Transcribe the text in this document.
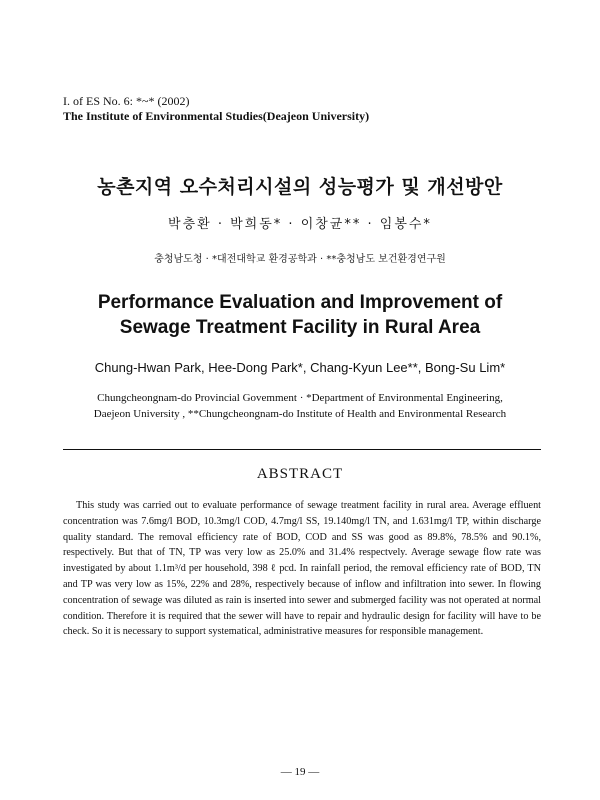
I. of ES No. 6: *~* (2002)
The Institute of Environmental Studies(Deajeon University)
농촌지역 오수처리시설의 성능평가 및 개선방안
박충환 · 박희동* · 이창균** · 임봉수*
충청남도청 · *대전대학교 환경공학과 · **충청남도 보건환경연구원
Performance Evaluation and Improvement of
Sewage Treatment Facility in Rural Area
Chung-Hwan Park, Hee-Dong Park*, Chang-Kyun Lee**, Bong-Su Lim*
Chungcheongnam-do Provincial Govemment · *Department of Environmental Engineering,
Daejeon University , **Chungcheongnam-do Institute of Health and Environmental Research
ABSTRACT
This study was carried out to evaluate performance of sewage treatment facility in rural area. Average effluent concentration was 7.6mg/l BOD, 10.3mg/l COD, 4.7mg/l SS, 19.140mg/l TN, and 1.631mg/l TP, within discharge quality standard. The removal efficiency rate of BOD, COD and SS was good as 89.8%, 78.5% and 90.1%, respectively. But that of TN, TP was very low as 25.0% and 31.4% respectvely. Average sewage flow rate was investigated by about 1.1m³/d per household, 398 ℓ pcd. In rainfall period, the removal efficiency rate of BOD, TN and TP was very low as 15%, 22% and 28%, respectively because of inflow and infiltration into sewer. In flowing concentration of sewage was diluted as rain is inserted into sewer and submerged facility was not operated at normal condition. Therefore it is required that the sewer will have to repair and hydraulic design for facility will have to be check. So it is necessary to support systematical, administrative measures for responsible management.
— 19 —
